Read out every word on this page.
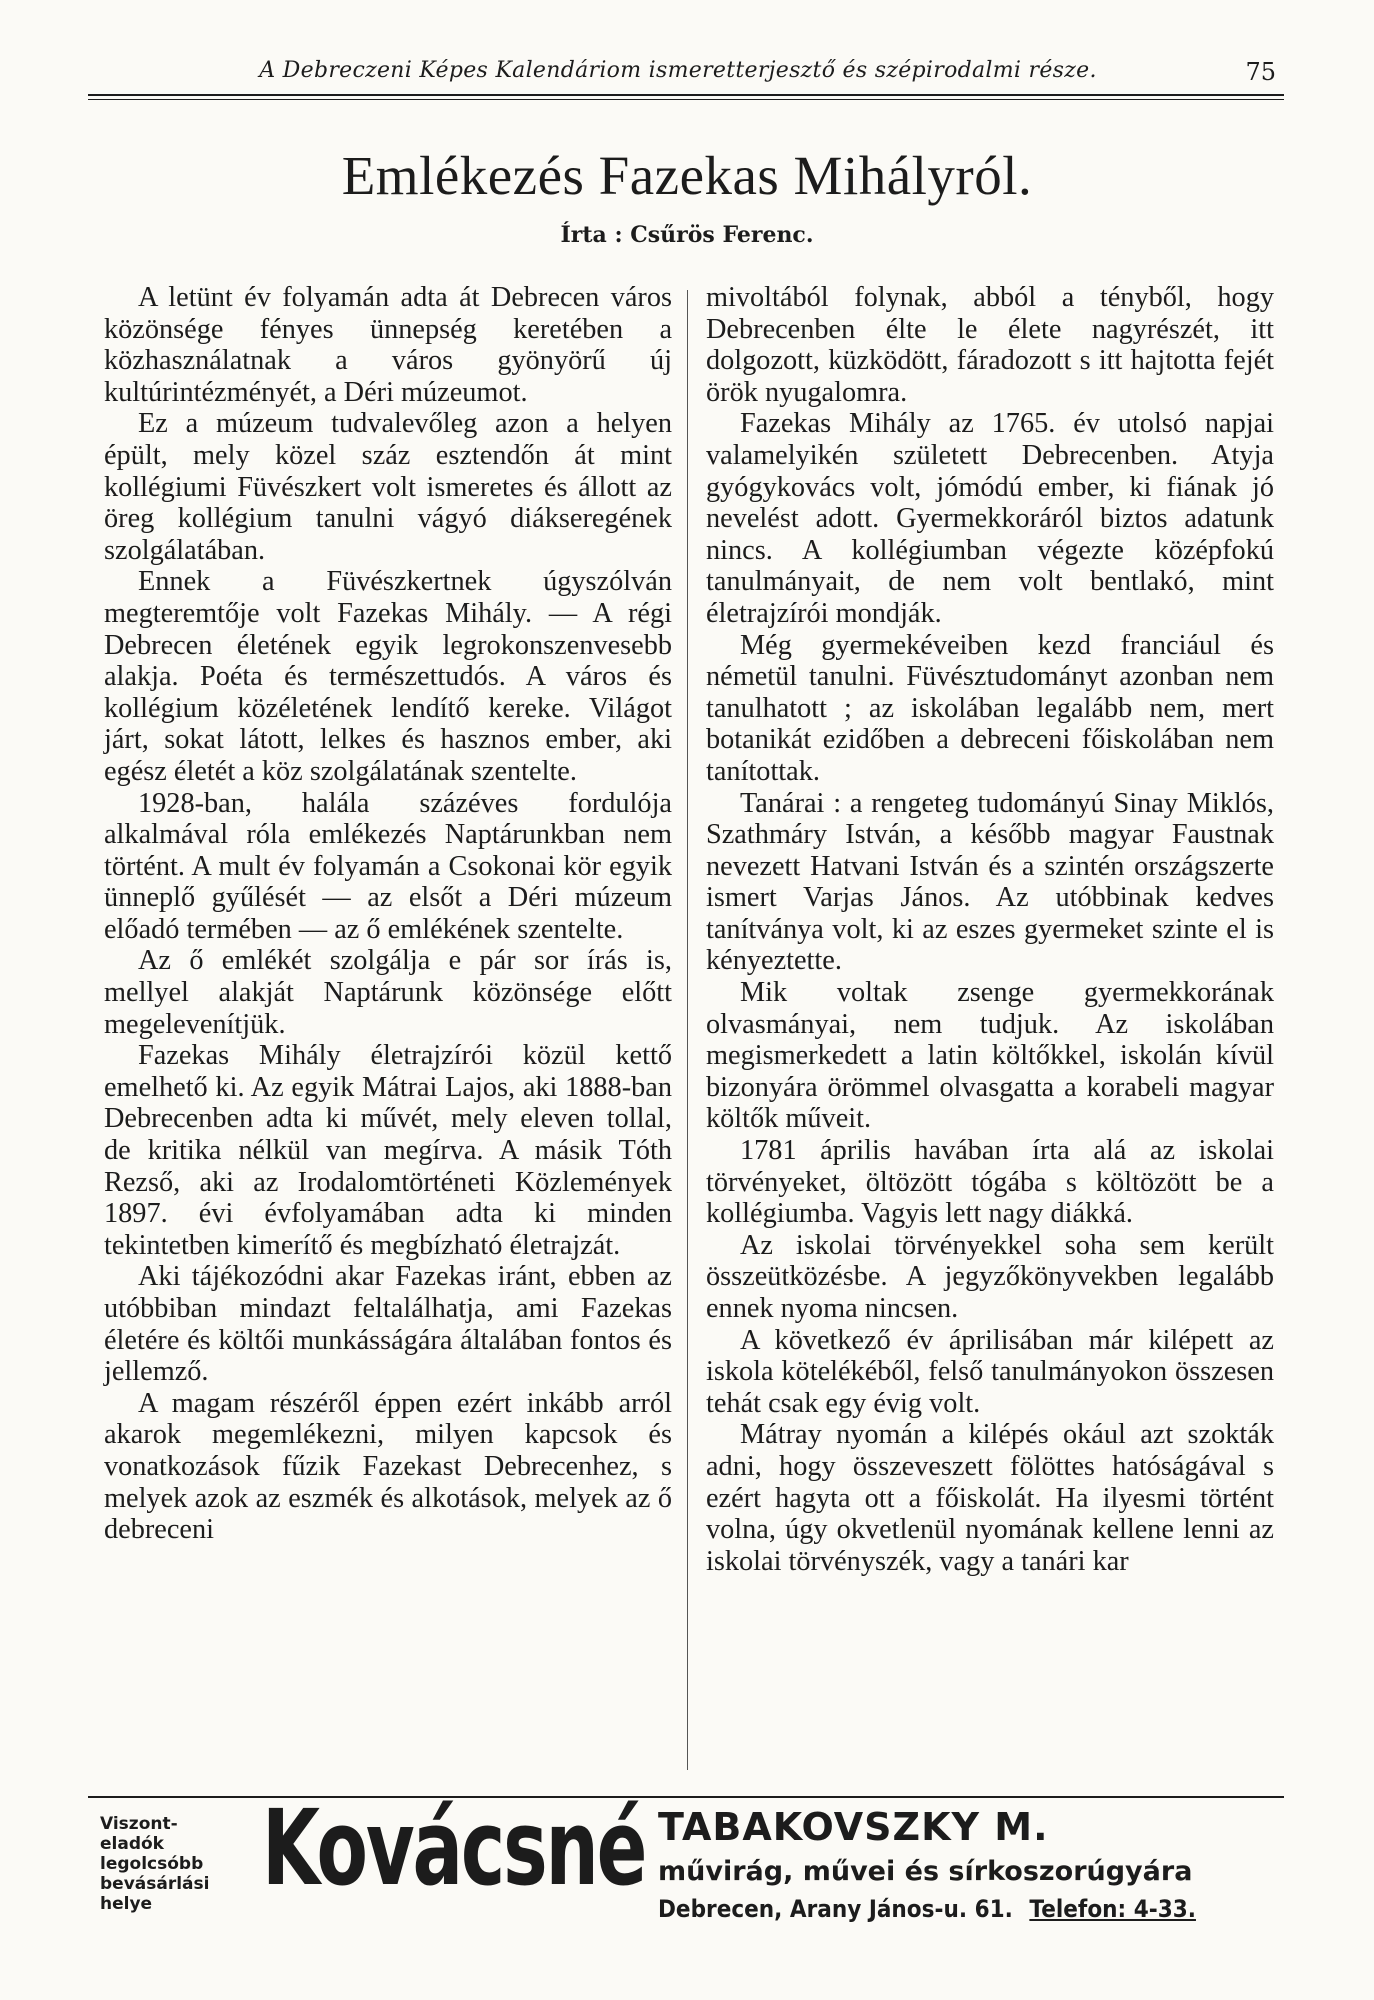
A Debreczeni Képes Kalendáriom ismeretterjesztő és szépirodalmi része.	75
Emlékezés Fazekas Mihályról.
Írta : Csűrös Ferenc.

A letünt év folyamán adta át Debrecen város közönsége fényes ünnepség keretében a közhasználatnak a város gyönyörű új kultúrintézményét, a Déri múzeumot.

Ez a múzeum tudvalevőleg azon a helyen épült, mely közel száz esztendőn át mint kollégiumi Füvészkert volt ismeretes és állott az öreg kollégium tanulni vágyó diákseregének szolgálatában.

Ennek a Füvészkertnek úgyszólván megteremtője volt Fazekas Mihály. — A régi Debrecen életének egyik legrokonszenvesebb alakja. Poéta és természettudós. A város és kollégium közéletének lendítő kereke. Világot járt, sokat látott, lelkes és hasznos ember, aki egész életét a köz szolgálatának szentelte.

1928-ban, halála százéves fordulója alkalmával róla emlékezés Naptárunkban nem történt. A mult év folyamán a Csokonai kör egyik ünneplő gyűlését — az elsőt a Déri múzeum előadó termében — az ő emlékének szentelte.

Az ő emlékét szolgálja e pár sor írás is, mellyel alakját Naptárunk közönsége előtt megelevenítjük.

Fazekas Mihály életrajzírói közül kettő emelhető ki. Az egyik Mátrai Lajos, aki 1888-ban Debrecenben adta ki művét, mely eleven tollal, de kritika nélkül van megírva. A másik Tóth Rezső, aki az Irodalomtörténeti Közlemények 1897. évi évfolyamában adta ki minden tekintetben kimerítő és megbízható életrajzát.

Aki tájékozódni akar Fazekas iránt, ebben az utóbbiban mindazt feltalálhatja, ami Fazekas életére és költői munkásságára általában fontos és jellemző.

A magam részéről éppen ezért inkább arról akarok megemlékezni, milyen kapcsok és vonatkozások fűzik Fazekast Debrecenhez, s melyek azok az eszmék és alkotások, melyek az ő debreceni

mivoltából folynak, abból a tényből, hogy Debrecenben élte le élete nagyrészét, itt dolgozott, küzködött, fáradozott s itt hajtotta fejét örök nyugalomra.

Fazekas Mihály az 1765. év utolsó napjai valamelyikén született Debrecenben. Atyja gyógykovács volt, jómódú ember, ki fiának jó nevelést adott. Gyermekkoráról biztos adatunk nincs. A kollégiumban végezte középfokú tanulmányait, de nem volt bentlakó, mint életrajzírói mondják.

Még gyermekéveiben kezd franciául és németül tanulni. Füvésztudományt azonban nem tanulhatott ; az iskolában legalább nem, mert botanikát ezidőben a debreceni főiskolában nem tanítottak.

Tanárai : a rengeteg tudományú Sinay Miklós, Szathmáry István, a később magyar Faustnak nevezett Hatvani István és a szintén országszerte ismert Varjas János. Az utóbbinak kedves tanítványa volt, ki az eszes gyermeket szinte el is kényeztette.

Mik voltak zsenge gyermekkorának olvasmányai, nem tudjuk. Az iskolában megismerkedett a latin költőkkel, iskolán kívül bizonyára örömmel olvasgatta a korabeli magyar költők műveit.

1781 április havában írta alá az iskolai törvényeket, öltözött tógába s költözött be a kollégiumba. Vagyis lett nagy diákká.

Az iskolai törvényekkel soha sem került összeütközésbe. A jegyzőkönyvekben legalább ennek nyoma nincsen.

A következő év áprilisában már kilépett az iskola kötelékéből, felső tanulmányokon összesen tehát csak egy évig volt.

Mátray nyomán a kilépés okául azt szokták adni, hogy összeveszett fölöttes hatóságával s ezért hagyta ott a főiskolát. Ha ilyesmi történt volna, úgy okvetlenül nyomának kellene lenni az iskolai törvényszék, vagy a tanári kar

Viszont-
eladók
legolcsóbb
bevásárlási
helye	Kovácsné TABAKOVSZKY M.
művirág, művei és sírkoszorúgyára
Debrecen, Arany János-u. 61. Telefon: 4-33.
